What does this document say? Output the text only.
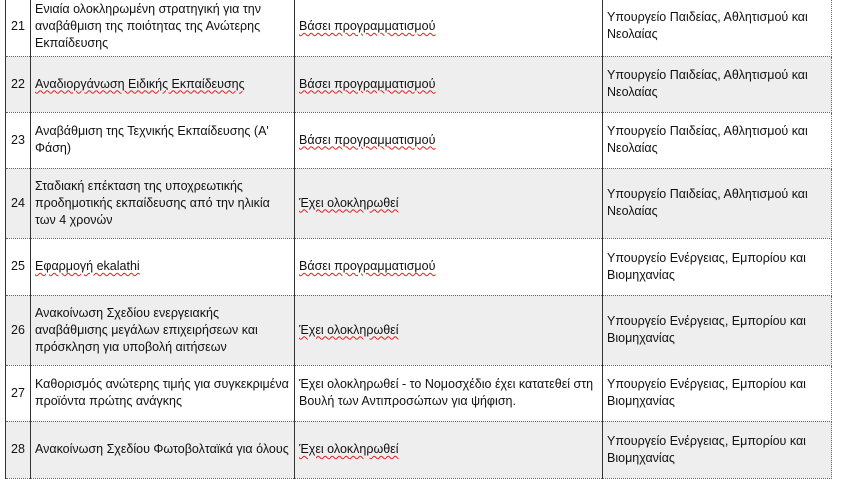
21	Ενιαία ολοκληρωμένη στρατηγική για την αναβάθμιση της ποιότητας της Ανώτερης Εκπαίδευσης	Βάσει προγραμματισμού	Υπουργείο Παιδείας, Αθλητισμού και Νεολαίας
22	Αναδιοργάνωση Ειδικής Εκπαίδευσης	Βάσει προγραμματισμού	Υπουργείο Παιδείας, Αθλητισμού και Νεολαίας
23	Αναβάθμιση της Τεχνικής Εκπαίδευσης (Α' Φάση)	Βάσει προγραμματισμού	Υπουργείο Παιδείας, Αθλητισμού και Νεολαίας
24	Σταδιακή επέκταση της υποχρεωτικής προδημοτικής εκπαίδευσης από την ηλικία των 4 χρονών	Έχει ολοκληρωθεί	Υπουργείο Παιδείας, Αθλητισμού και Νεολαίας
25	Εφαρμογή ekalathi	Βάσει προγραμματισμού	Υπουργείο Ενέργειας, Εμπορίου και Βιομηχανίας
26	Ανακοίνωση Σχεδίου ενεργειακής αναβάθμισης μεγάλων επιχειρήσεων και πρόσκληση για υποβολή αιτήσεων	Έχει ολοκληρωθεί	Υπουργείο Ενέργειας, Εμπορίου και Βιομηχανίας
27	Καθορισμός ανώτερης τιμής για συγκεκριμένα προϊόντα πρώτης ανάγκης	Έχει ολοκληρωθεί - το Νομοσχέδιο έχει κατατεθεί στη Βουλή των Αντιπροσώπων για ψήφιση.	Υπουργείο Ενέργειας, Εμπορίου και Βιομηχανίας
28	Ανακοίνωση Σχεδίου Φωτοβολταϊκά για όλους	Έχει ολοκληρωθεί	Υπουργείο Ενέργειας, Εμπορίου και Βιομηχανίας
